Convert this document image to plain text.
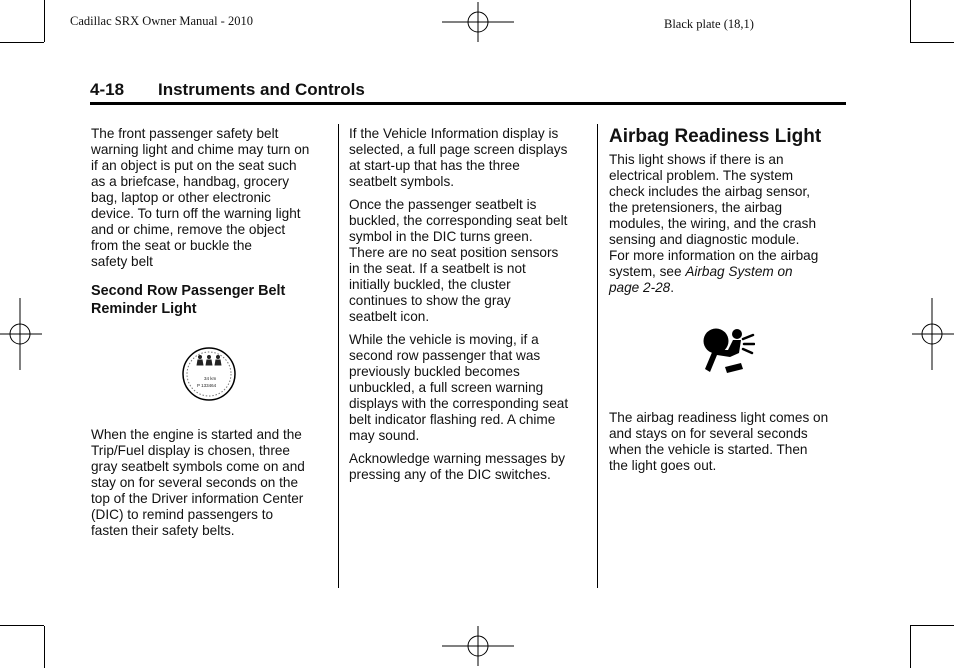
Cadillac SRX Owner Manual - 2010	Black plate (18,1)
4-18 Instruments and Controls

The front passenger safety belt
warning light and chime may turn on
if an object is put on the seat such
as a briefcase, handbag, grocery
bag, laptop or other electronic
device. To turn off the warning light
and or chime, remove the object
from the seat or buckle the
safety belt

Second Row Passenger Belt
Reminder Light
34 km
P 133464

When the engine is started and the
Trip/Fuel display is chosen, three
gray seatbelt symbols come on and
stay on for several seconds on the
top of the Driver information Center
(DIC) to remind passengers to
fasten their safety belts.

If the Vehicle Information display is
selected, a full page screen displays
at start-up that has the three
seatbelt symbols.

Once the passenger seatbelt is
buckled, the corresponding seat belt
symbol in the DIC turns green.
There are no seat position sensors
in the seat. If a seatbelt is not
initially buckled, the cluster
continues to show the gray
seatbelt icon.

While the vehicle is moving, if a
second row passenger that was
previously buckled becomes
unbuckled, a full screen warning
displays with the corresponding seat
belt indicator flashing red. A chime
may sound.

Acknowledge warning messages by
pressing any of the DIC switches.

Airbag Readiness Light

This light shows if there is an
electrical problem. The system
check includes the airbag sensor,
the pretensioners, the airbag
modules, the wiring, and the crash
sensing and diagnostic module.
For more information on the airbag
system, see Airbag System on
page 2-28.

The airbag readiness light comes on
and stays on for several seconds
when the vehicle is started. Then
the light goes out.
